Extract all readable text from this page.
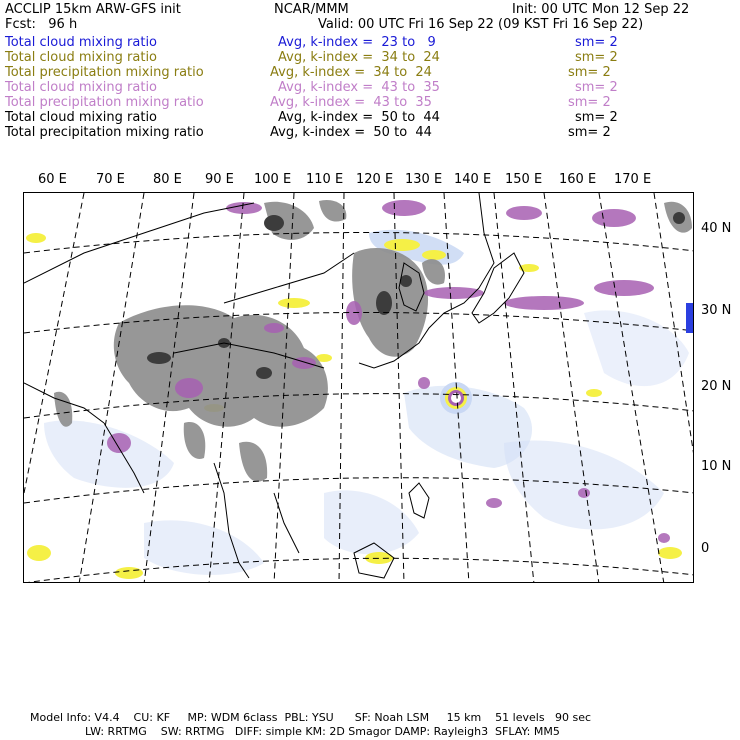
ACCLIP 15km ARW-GFS init	NCAR/MMM	Init: 00 UTC Mon 12 Sep 22
Fcst:   96 h	Valid: 00 UTC Fri 16 Sep 22 (09 KST Fri 16 Sep 22)
Total cloud mixing ratio	Avg, k-index =  23 to   9	sm= 2
Total cloud mixing ratio	Avg, k-index =  34 to  24	sm= 2
Total precipitation mixing ratio	Avg, k-index =  34 to  24	sm= 2
Total cloud mixing ratio	Avg, k-index =  43 to  35	sm= 2
Total precipitation mixing ratio	Avg, k-index =  43 to  35	sm= 2
Total cloud mixing ratio	Avg, k-index =  50 to  44	sm= 2
Total precipitation mixing ratio	Avg, k-index =  50 to  44	sm= 2
60 E 70 E 80 E 90 E 100 E 110 E 120 E 130 E 140 E 150 E 160 E 170 E
40 N
30 N
20 N
10 N
0
Model Info: V4.4    CU: KF     MP: WDM 6class  PBL: YSU      SF: Noah LSM     15 km    51 levels   90 sec
LW: RRTMG    SW: RRTMG   DIFF: simple KM: 2D Smagor DAMP: Rayleigh3  SFLAY: MM5
